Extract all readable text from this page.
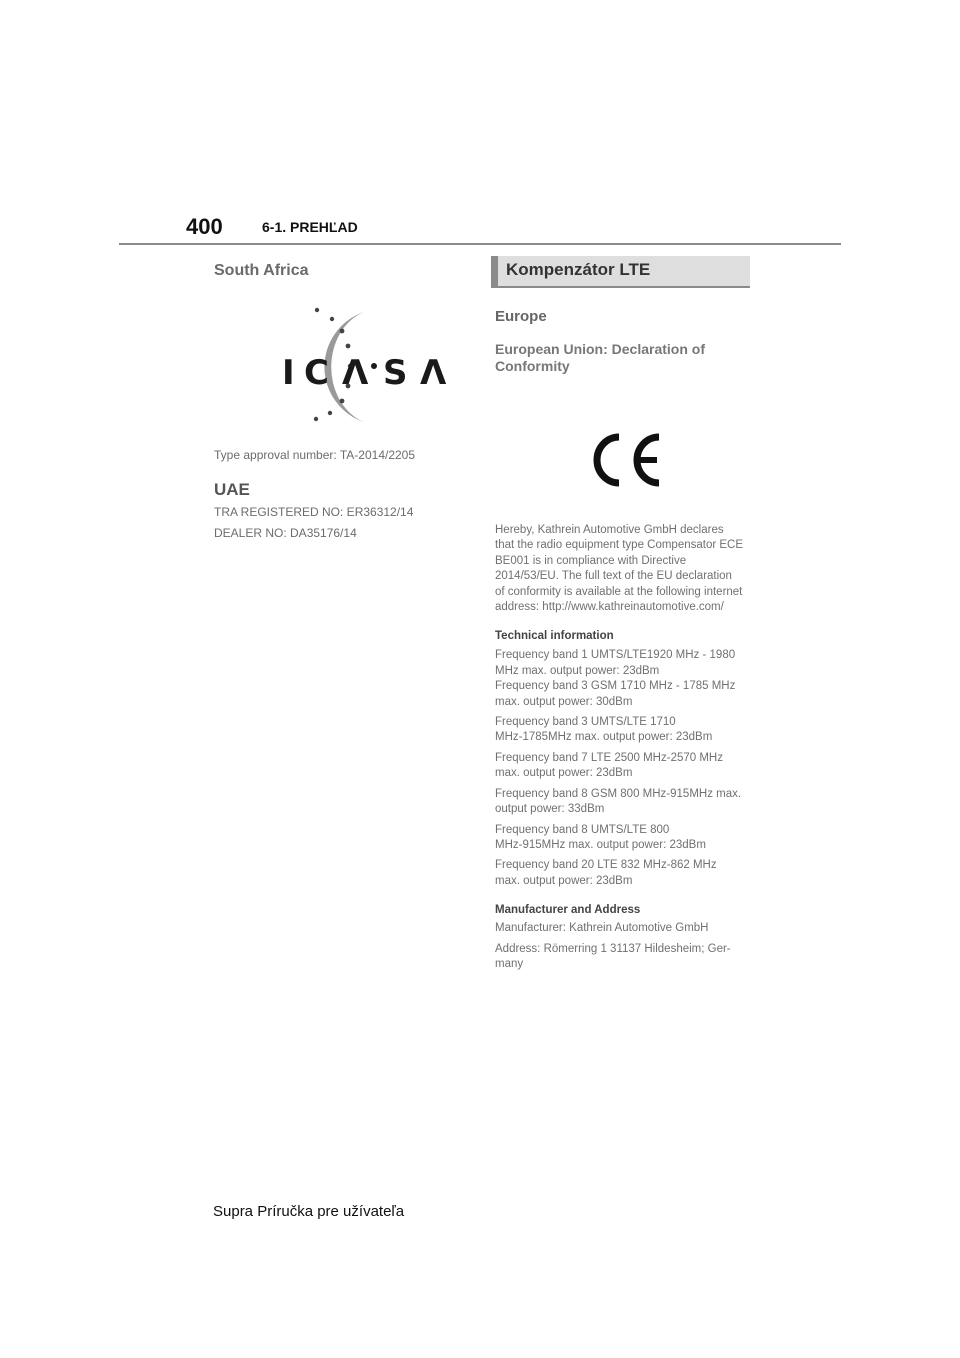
400	6-1. PREHĽAD
South Africa
I C Λ S Λ

Type approval number: TA-2014/2205

UAE

TRA REGISTERED NO: ER36312/14

DEALER NO: DA35176/14

Kompenzátor LTE
Europe
European Union: Declaration of
Conformity

Hereby, Kathrein Automotive GmbH declares

that the radio equipment type Compensator ECE

BE001 is in compliance with Directive

2014/53/EU. The full text of the EU declaration

of conformity is available at the following internet

address: http://www.kathreinautomotive.com/

Technical information

Frequency band 1 UMTS/LTE1920 MHz - 1980

MHz max. output power: 23dBm

Frequency band 3 GSM 1710 MHz - 1785 MHz

max. output power: 30dBm

Frequency band 3 UMTS/LTE 1710

MHz-1785MHz max. output power: 23dBm

Frequency band 7 LTE 2500 MHz-2570 MHz

max. output power: 23dBm

Frequency band 8 GSM 800 MHz-915MHz max.

output power: 33dBm

Frequency band 8 UMTS/LTE 800

MHz-915MHz max. output power: 23dBm

Frequency band 20 LTE 832 MHz-862 MHz

max. output power: 23dBm

Manufacturer and Address

Manufacturer: Kathrein Automotive GmbH

Address: Römerring 1 31137 Hildesheim; Ger-

many

Supra Príručka pre užívateľa
